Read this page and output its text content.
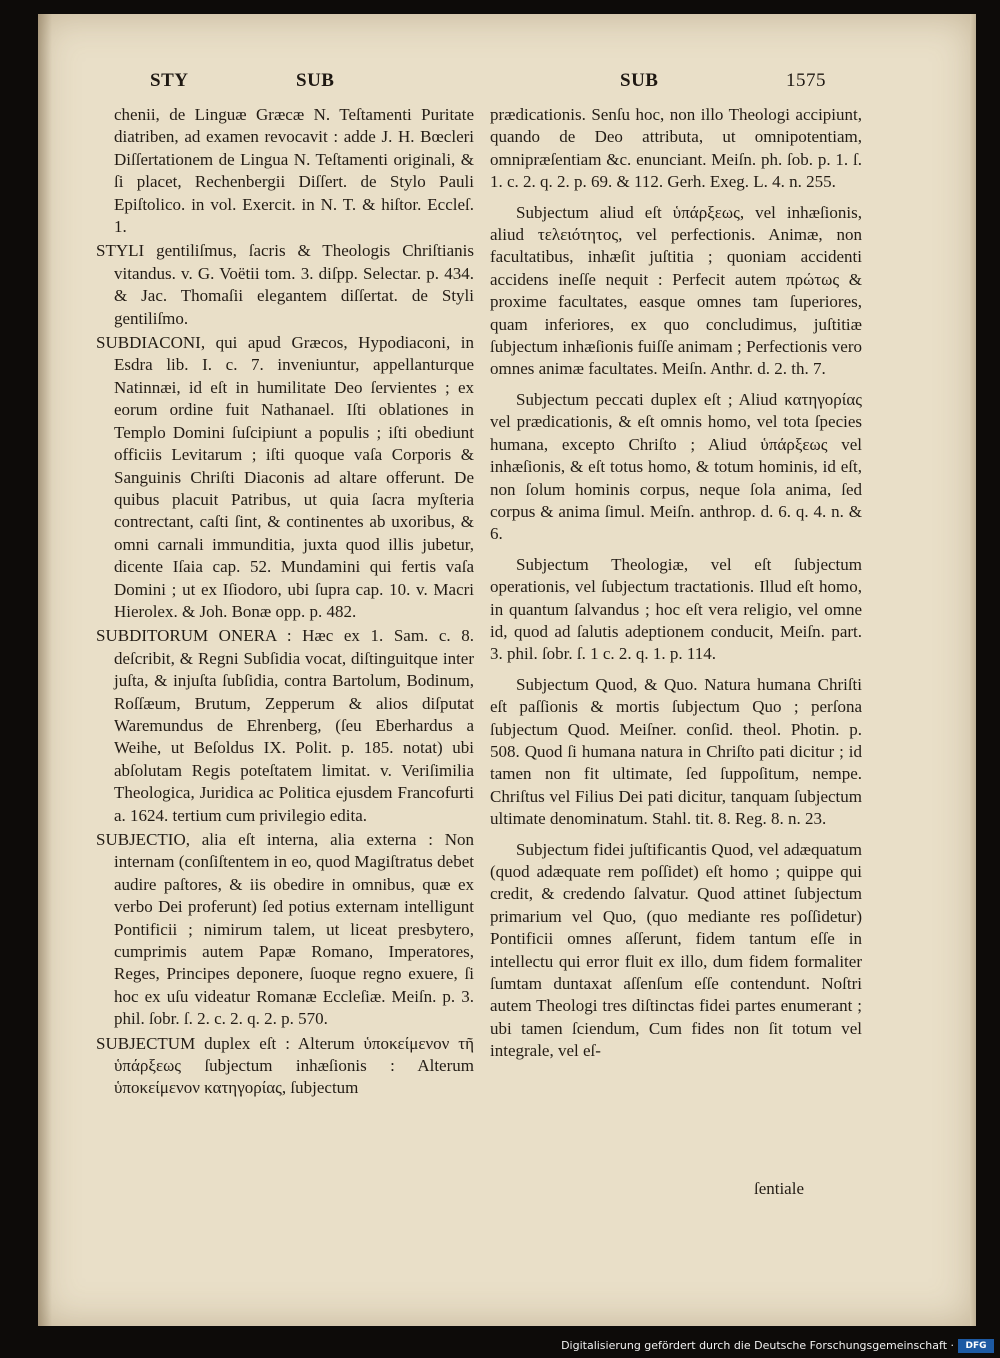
STY	SUB	SUB	1575

chenii, de Linguæ Græcæ N. Teſtamenti Puritate diatriben, ad examen revocavit : adde J. H. Bœcleri Diſſertationem de Lingua N. Teſtamenti originali, & ſi placet, Rechenbergii Diſſert. de Stylo Pauli Epiſtolico. in vol. Exercit. in N. T. & hiſtor. Eccleſ. 1.

STYLI gentiliſmus, ſacris & Theologis Chriſtianis vitandus. v. G. Voëtii tom. 3. diſpp. Selectar. p. 434. & Jac. Thomaſii elegantem diſſertat. de Styli gentiliſmo.

SUBDIACONI, qui apud Græcos, Hypodiaconi, in Esdra lib. I. c. 7. inveniuntur, appellanturque Natinnæi, id eſt in humilitate Deo ſervientes ; ex eorum ordine fuit Nathanael. Iſti oblationes in Templo Domini ſuſcipiunt a populis ; iſti obediunt officiis Levitarum ; iſti quoque vaſa Corporis & Sanguinis Chriſti Diaconis ad altare offerunt. De quibus placuit Patribus, ut quia ſacra myſteria contrectant, caſti ſint, & continentes ab uxoribus, & omni carnali immunditia, juxta quod illis jubetur, dicente Iſaia cap. 52. Mundamini qui fertis vaſa Domini ; ut ex Iſiodoro, ubi ſupra cap. 10. v. Macri Hierolex. & Joh. Bonæ opp. p. 482.

SUBDITORUM ONERA : Hæc ex 1. Sam. c. 8. deſcribit, & Regni Subſidia vocat, diſtinguitque inter juſta, & injuſta ſubſidia, contra Bartolum, Bodinum, Roſſæum, Brutum, Zepperum & alios diſputat Waremundus de Ehrenberg, (ſeu Eberhardus a Weihe, ut Beſoldus IX. Polit. p. 185. notat) ubi abſolutam Regis poteſtatem limitat. v. Veriſimilia Theologica, Juridica ac Politica ejusdem Francofurti a. 1624. tertium cum privilegio edita.

SUBJECTIO, alia eſt interna, alia externa : Non internam (conſiſtentem in eo, quod Magiſtratus debet audire paſtores, & iis obedire in omnibus, quæ ex verbo Dei proferunt) ſed potius externam intelligunt Pontificii ; nimirum talem, ut liceat presbytero, cumprimis autem Papæ Romano, Imperatores, Reges, Principes deponere, ſuoque regno exuere, ſi hoc ex uſu videatur Romanæ Eccleſiæ. Meiſn. p. 3. phil. ſobr. ſ. 2. c. 2. q. 2. p. 570.

SUBJECTUM duplex eſt : Alterum ὑποκείμενον τῆ ὑπάρξεως ſubjectum inhæſionis : Alterum ὑποκείμενον κατηγορίας, ſubjectum

prædicationis. Senſu hoc, non illo Theologi accipiunt, quando de Deo attributa, ut omnipotentiam, omnipræſentiam &c. enunciant. Meiſn. ph. ſob. p. 1. ſ. 1. c. 2. q. 2. p. 69. & 112. Gerh. Exeg. L. 4. n. 255.

Subjectum aliud eſt ὑπάρξεως, vel inhæſionis, aliud τελειότητος, vel perfectionis. Animæ, non facultatibus, inhæſit juſtitia ; quoniam accidenti accidens ineſſe nequit : Perfecit autem πρώτως & proxime facultates, easque omnes tam ſuperiores, quam inferiores, ex quo concludimus, juſtitiæ ſubjectum inhæſionis fuiſſe animam ; Perfectionis vero omnes animæ facultates. Meiſn. Anthr. d. 2. th. 7.

Subjectum peccati duplex eſt ; Aliud κατηγορίας vel prædicationis, & eſt omnis homo, vel tota ſpecies humana, excepto Chriſto ; Aliud ὑπάρξεως vel inhæſionis, & eſt totus homo, & totum hominis, id eſt, non ſolum hominis corpus, neque ſola anima, ſed corpus & anima ſimul. Meiſn. anthrop. d. 6. q. 4. n. & 6.

Subjectum Theologiæ, vel eſt ſubjectum operationis, vel ſubjectum tractationis. Illud eſt homo, in quantum ſalvandus ; hoc eſt vera religio, vel omne id, quod ad ſalutis adeptionem conducit, Meiſn. part. 3. phil. ſobr. ſ. 1 c. 2. q. 1. p. 114.

Subjectum Quod, & Quo. Natura humana Chriſti eſt paſſionis & mortis ſubjectum Quo ; perſona ſubjectum Quod. Meiſner. conſid. theol. Photin. p. 508. Quod ſi humana natura in Chriſto pati dicitur ; id tamen non fit ultimate, ſed ſuppoſitum, nempe. Chriſtus vel Filius Dei pati dicitur, tanquam ſubjectum ultimate denominatum. Stahl. tit. 8. Reg. 8. n. 23.

Subjectum fidei juſtificantis Quod, vel adæquatum (quod adæquate rem poſſidet) eſt homo ; quippe qui credit, & credendo ſalvatur. Quod attinet ſubjectum primarium vel Quo, (quo mediante res poſſidetur) Pontificii omnes aſſerunt, fidem tantum eſſe in intellectu qui error fluit ex illo, dum fidem formaliter ſumtam duntaxat aſſenſum eſſe contendunt. Noſtri autem Theologi tres diſtinctas fidei partes enumerant ; ubi tamen ſciendum, Cum fides non ſit totum vel integrale, vel eſ-

ſentiale
Digitalisierung gefördert durch die Deutsche Forschungsgemeinschaft ·	DFG
